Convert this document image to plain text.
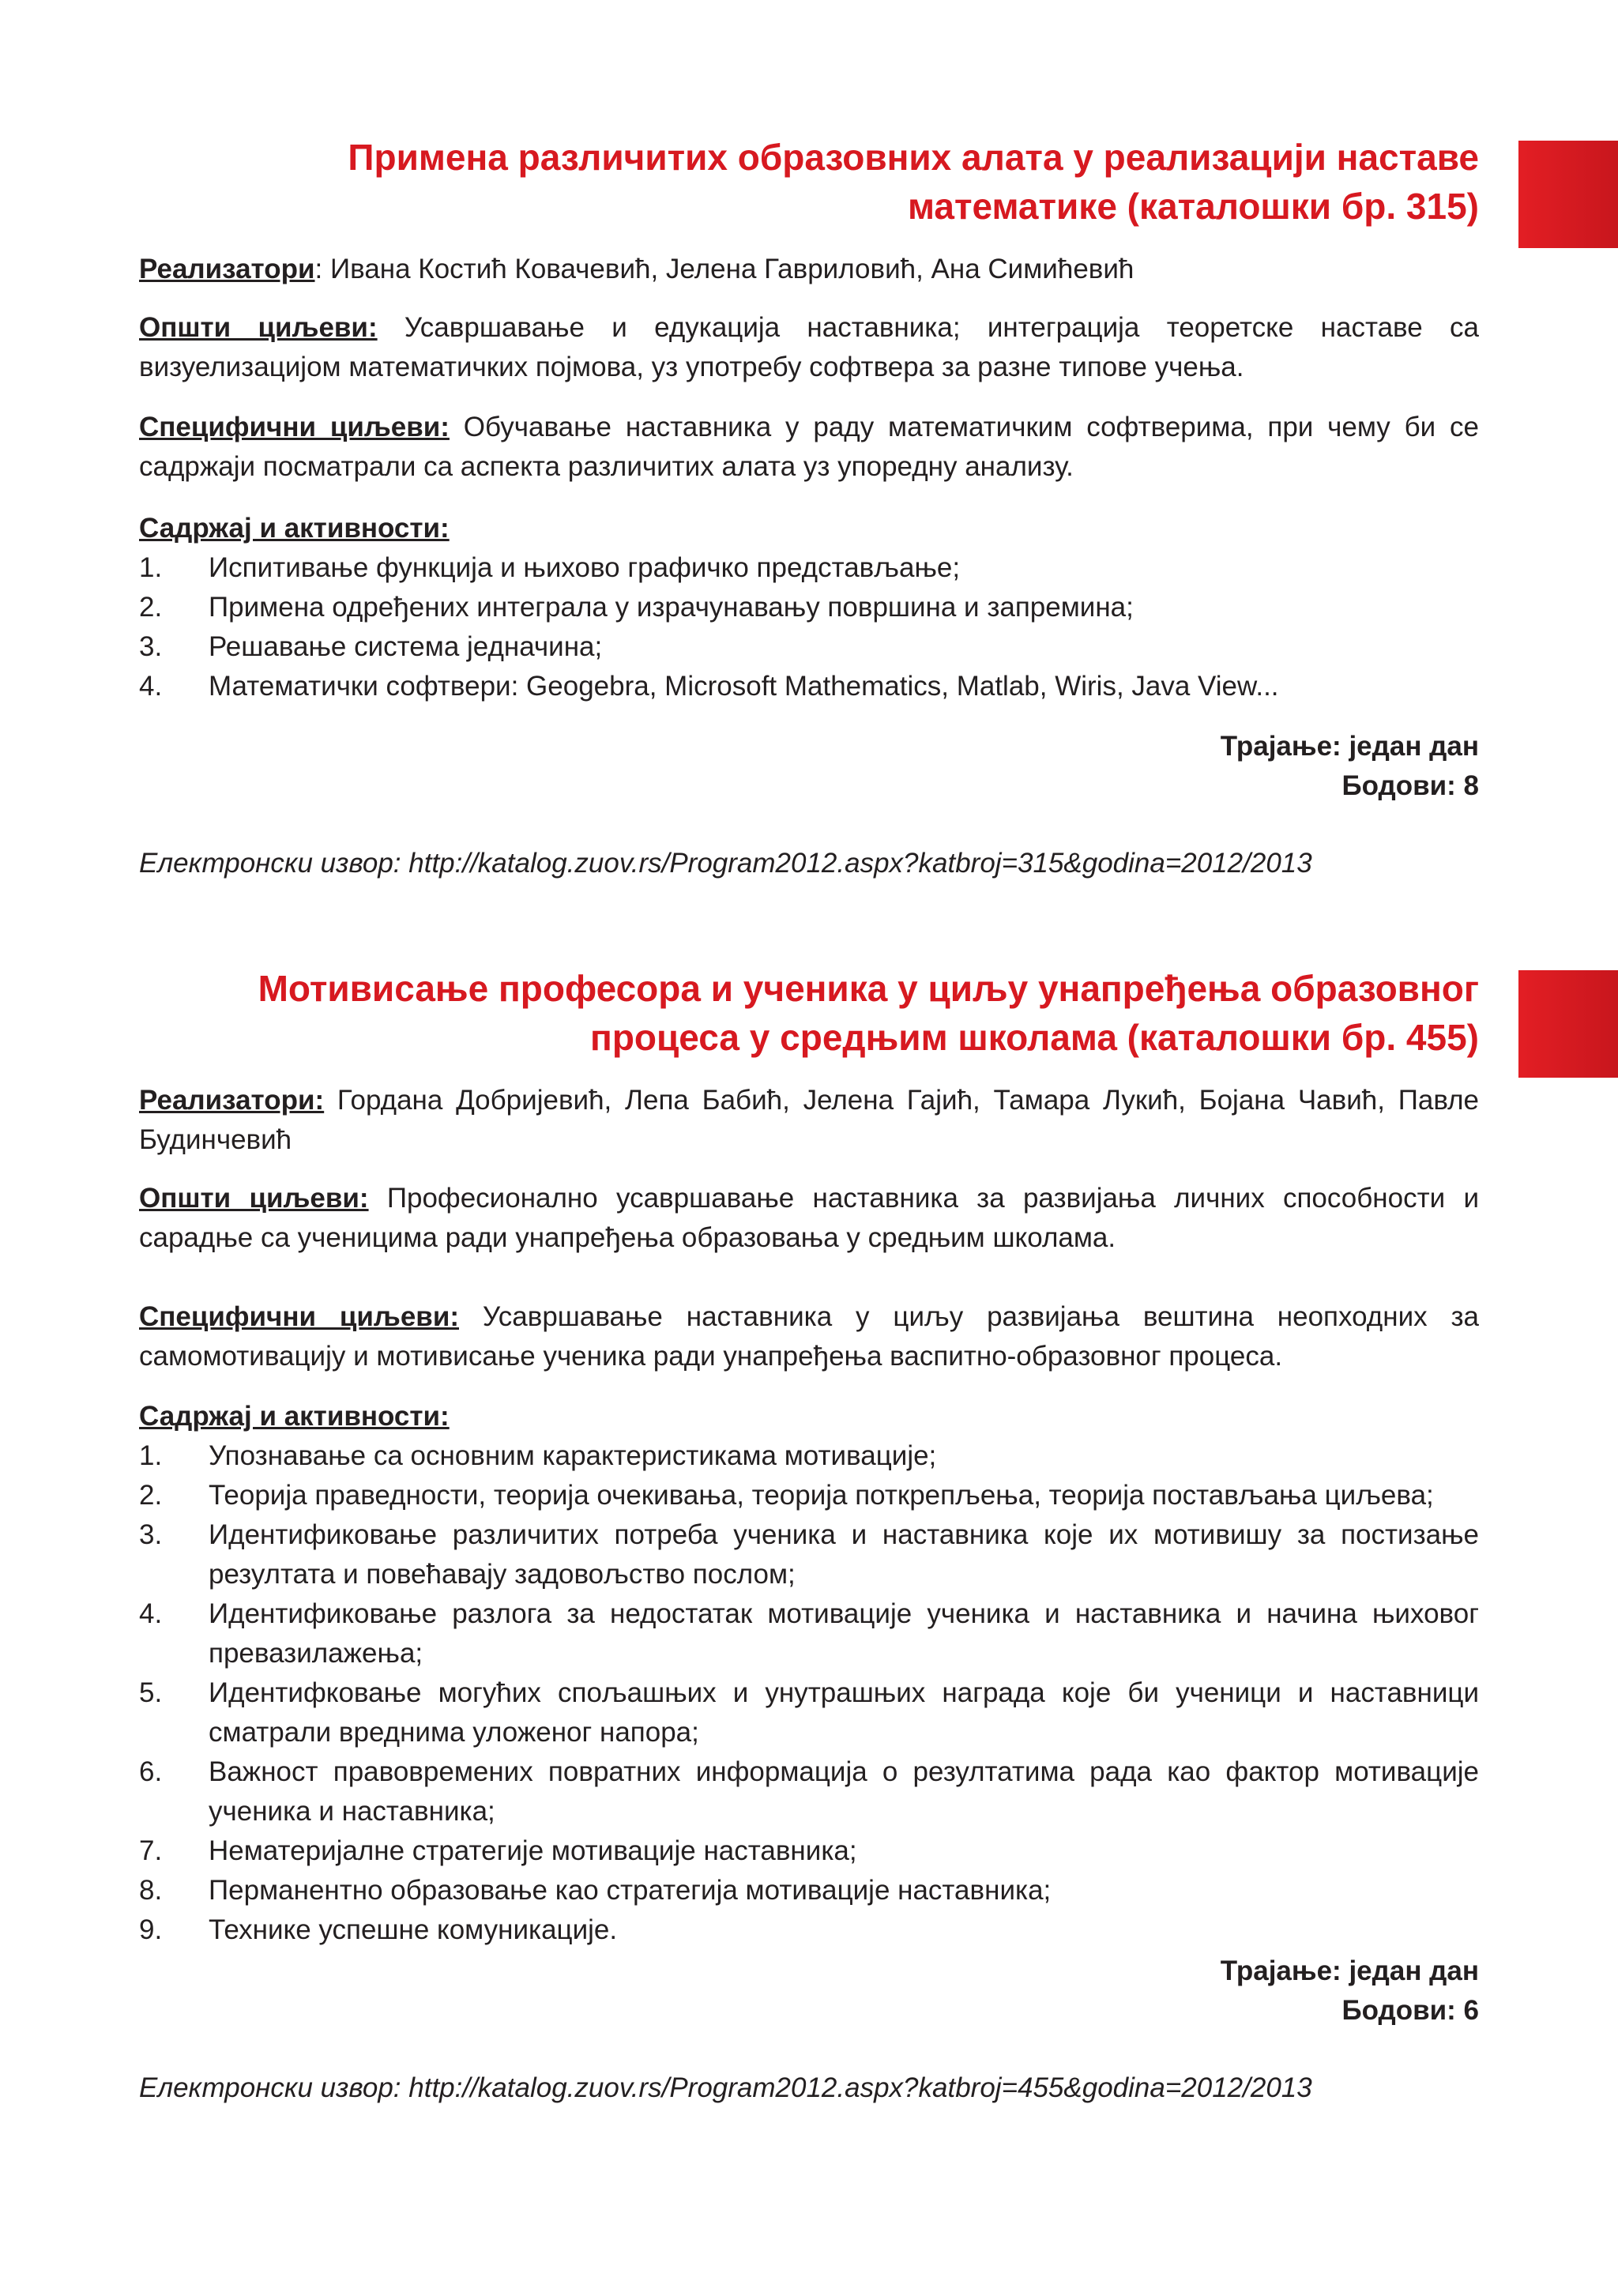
Примена различитих образовних алата у реализацији наставе
математике (каталошки бр. 315)

Реализатори: Ивана Костић Ковачевић, Јелена Гавриловић, Ана Симићевић

Општи циљеви: Усавршавање и едукација наставника; интеграција теоретске наставе са визуелизацијом математичких појмова, уз употребу софтвера за разне типове учења.

Специфични циљеви: Обучавање наставника у раду математичким софтверима, при чему би се садржаји посматрали са аспекта различитих алата уз упоредну анализу.

Садржај и активности:
1.	Испитивање функција и њихово графичко представљање;
2.	Примена одређених интеграла у израчунавању површина и запремина;
3.	Решавање система једначина;
4.	Математички софтвери: Geogebra, Microsoft Mathematics, Matlab, Wiris, Java View...
Трајање: један дан
Бодови: 8
Електронски извор: http://katalog.zuov.rs/Program2012.aspx?katbroj=315&godina=2012/2013
Мотивисање професора и ученика у циљу унапређења образовног
процеса у средњим школама (каталошки бр. 455)

Реализатори: Гордана Добријевић, Лепа Бабић, Јелена Гајић, Тамара Лукић, Бојана Чавић, Павле Будинчевић

Општи циљеви: Професионално усавршавање наставника за развијања личних способности и сарадње са ученицима ради унапређења образовања у средњим школама.

Специфични циљеви: Усавршавање наставника у циљу развијања вештина неопходних за самомотивацију и мотивисање ученика ради унапређења васпитно-образовног процеса.

Садржај и активности:
1.	Упознавање са основним карактеристикама мотивације;
2.	Теорија праведности, теорија очекивања, теорија поткрепљења, теорија постављања циљева;
3.	Идентификовање различитих потреба ученика и наставника које их мотивишу за постизање резултата и повећавају задовољство послом;
4.	Идентификовање разлога за недостатак мотивације ученика и наставника и начина њиховог превазилажења;
5.	Идентифковање могућих спољашњих и унутрашњих награда које би ученици и наставници сматрали вреднима уложеног напора;
6.	Важност правовремених повратних информација о резултатима рада као фактор мотивације ученика и наставника;
7.	Нематеријалне стратегије мотивације наставника;
8.	Перманентно образовање као стратегија мотивације наставника;
9.	Технике успешне комуникације.
Трајање: један дан
Бодови: 6
Електронски извор: http://katalog.zuov.rs/Program2012.aspx?katbroj=455&godina=2012/2013
